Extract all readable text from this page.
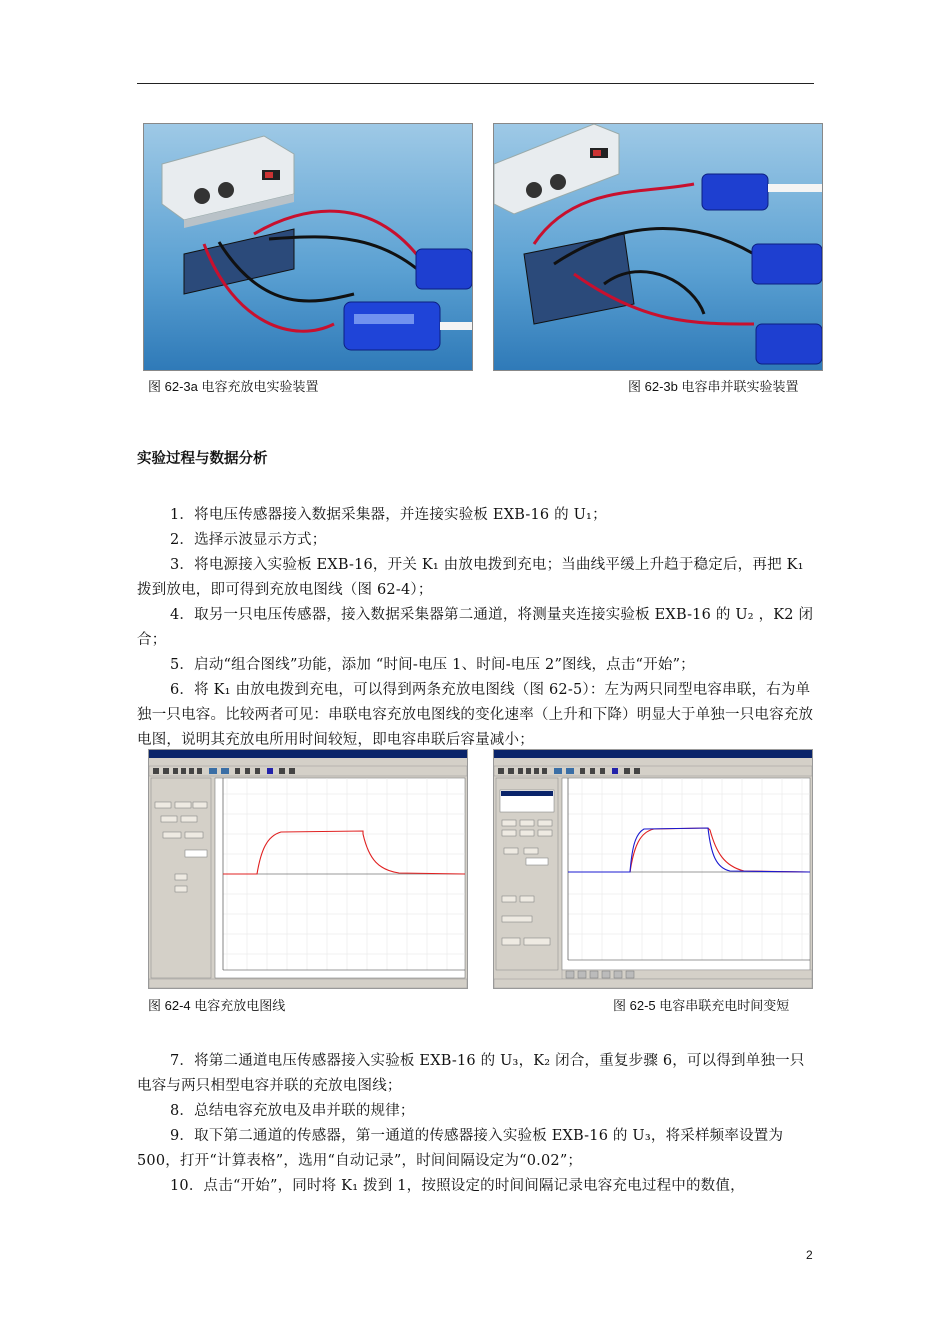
图 62-3a 电容充放电实验装置	图 62-3b 电容串并联实验装置
实验过程与数据分析

1．将电压传感器接入数据采集器，并连接实验板 EXB-16 的 U₁；

2．选择示波显示方式；

3．将电源接入实验板 EXB-16，开关 K₁ 由放电拨到充电；当曲线平缓上升趋于稳定后，再把 K₁ 拨到放电，即可得到充放电图线（图 62-4）；

4．取另一只电压传感器，接入数据采集器第二通道，将测量夹连接实验板 EXB-16 的 U₂ ，K2 闭合；

5．启动“组合图线”功能，添加 “时间-电压 1、时间-电压 2”图线，点击“开始”；

6．将 K₁ 由放电拨到充电，可以得到两条充放电图线（图 62-5）：左为两只同型电容串联，右为单独一只电容。比较两者可见：串联电容充放电图线的变化速率（上升和下降）明显大于单独一只电容充放电图，说明其充放电所用时间较短，即电容串联后容量减小；

图 62-4 电容充放电图线	图 62-5 电容串联充电时间变短

7．将第二通道电压传感器接入实验板 EXB-16 的 U₃，K₂ 闭合，重复步骤 6，可以得到单独一只电容与两只相型电容并联的充放电图线；

8．总结电容充放电及串并联的规律；

9．取下第二通道的传感器，第一通道的传感器接入实验板 EXB-16 的 U₃，将采样频率设置为 500，打开“计算表格”，选用“自动记录”，时间间隔设定为“0.02”；

10．点击“开始”，同时将 K₁ 拨到 1，按照设定的时间间隔记录电容充电过程中的数值，

2
